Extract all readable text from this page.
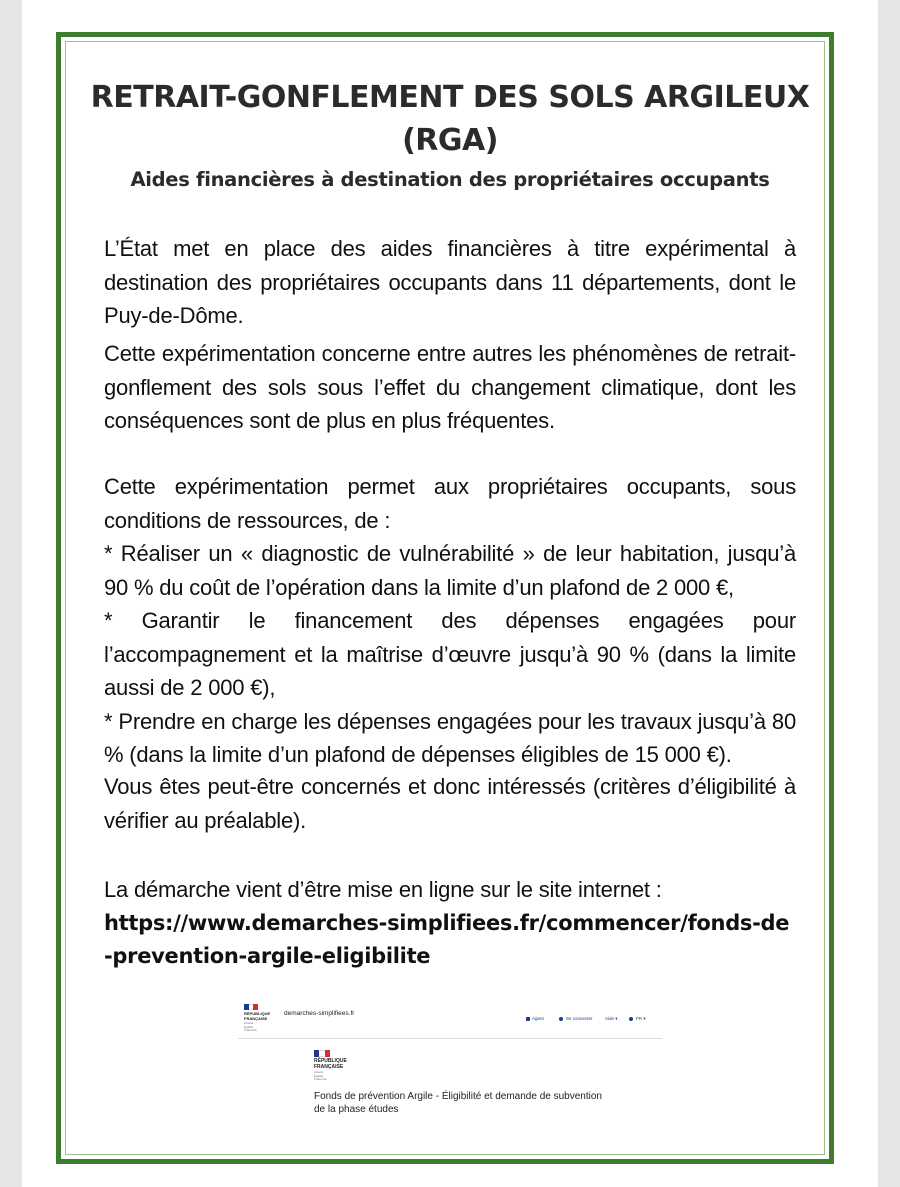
RETRAIT-GONFLEMENT DES SOLS ARGILEUX
(RGA)
Aides financières à destination des propriétaires occupants
L’État met en place des aides financières à titre expérimental à destination des propriétaires occupants dans 11 départements, dont le Puy-de-Dôme.
Cette expérimentation concerne entre autres les phénomènes de retrait-gonflement des sols sous l’effet du changement climatique, dont les conséquences sont de plus en plus fréquentes.
Cette expérimentation permet aux propriétaires occupants, sous conditions de ressources, de :
* Réaliser un « diagnostic de vulnérabilité » de leur habitation, jusqu’à 90 % du coût de l’opération dans la limite d’un plafond de 2 000 €,
* Garantir le financement des dépenses engagées pour l’accompagnement et la maîtrise d’œuvre jusqu’à 90 % (dans la limite aussi de 2 000 €),
* Prendre en charge les dépenses engagées pour les travaux jusqu’à 80 % (dans la limite d’un plafond de dépenses éligibles de 15 000 €).
Vous êtes peut-être concernés et donc intéressés (critères d’éligibilité à vérifier au préalable).
La démarche vient d’être mise en ligne sur le site internet :
https://www.demarches-simplifiees.fr/commencer/fonds-de-prevention-argile-eligibilite
RÉPUBLIQUE
FRANÇAISE
Liberté Égalité Fraternité
demarches-simplifiees.fr
Agent	Se connecter	Aide ▾	FR ▾
RÉPUBLIQUE
FRANÇAISE
Liberté Égalité Fraternité
Fonds de prévention Argile - Éligibilité et demande de subvention de la phase études
